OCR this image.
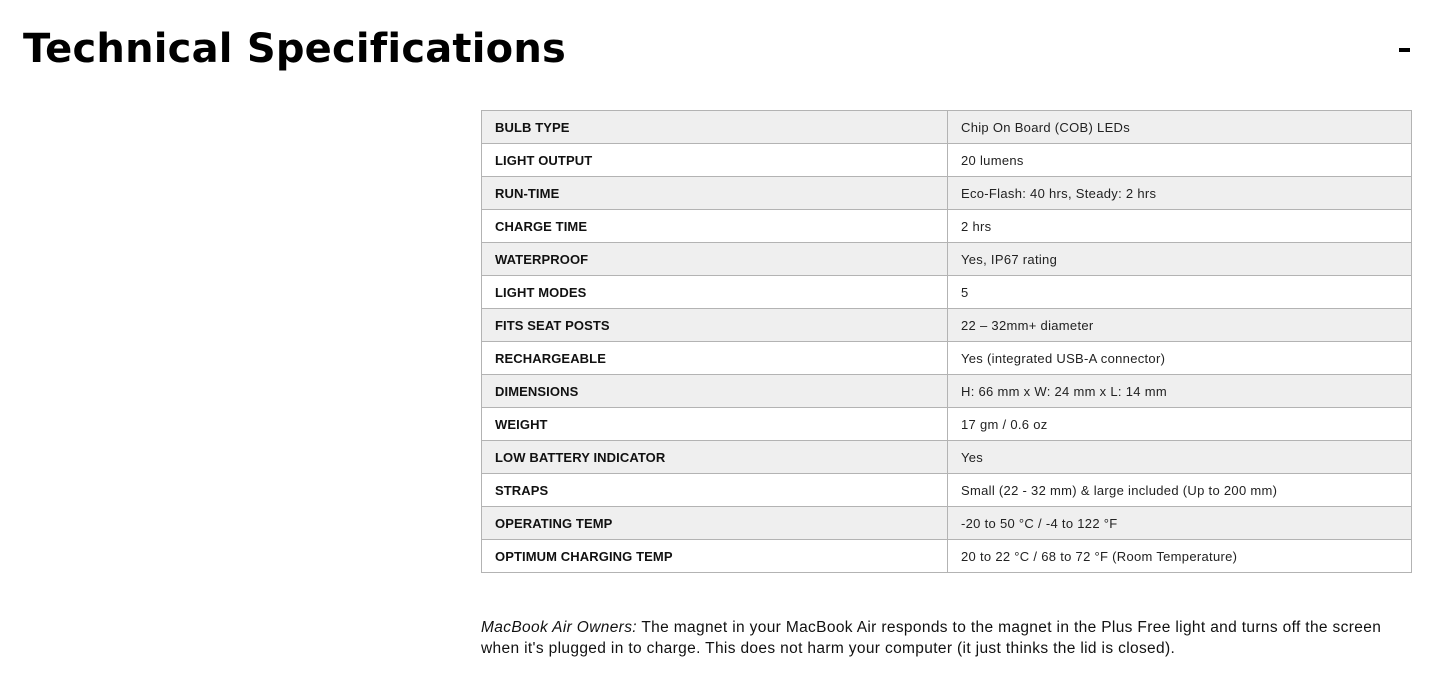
Technical Specifications
BULB TYPE	Chip On Board (COB) LEDs
LIGHT OUTPUT	20 lumens
RUN-TIME	Eco-Flash: 40 hrs, Steady: 2 hrs
CHARGE TIME	2 hrs
WATERPROOF	Yes, IP67 rating
LIGHT MODES	5
FITS SEAT POSTS	22 – 32mm+ diameter
RECHARGEABLE	Yes (integrated USB-A connector)
DIMENSIONS	H: 66 mm x W: 24 mm x L: 14 mm
WEIGHT	17 gm / 0.6 oz
LOW BATTERY INDICATOR	Yes
STRAPS	Small (22 - 32 mm) & large included (Up to 200 mm)
OPERATING TEMP	-20 to 50 °C / -4 to 122 °F
OPTIMUM CHARGING TEMP	20 to 22 °C / 68 to 72 °F (Room Temperature)

MacBook Air Owners: The magnet in your MacBook Air responds to the magnet in the Plus Free light and turns off the screen when it's plugged in to charge. This does not harm your computer (it just thinks the lid is closed).
